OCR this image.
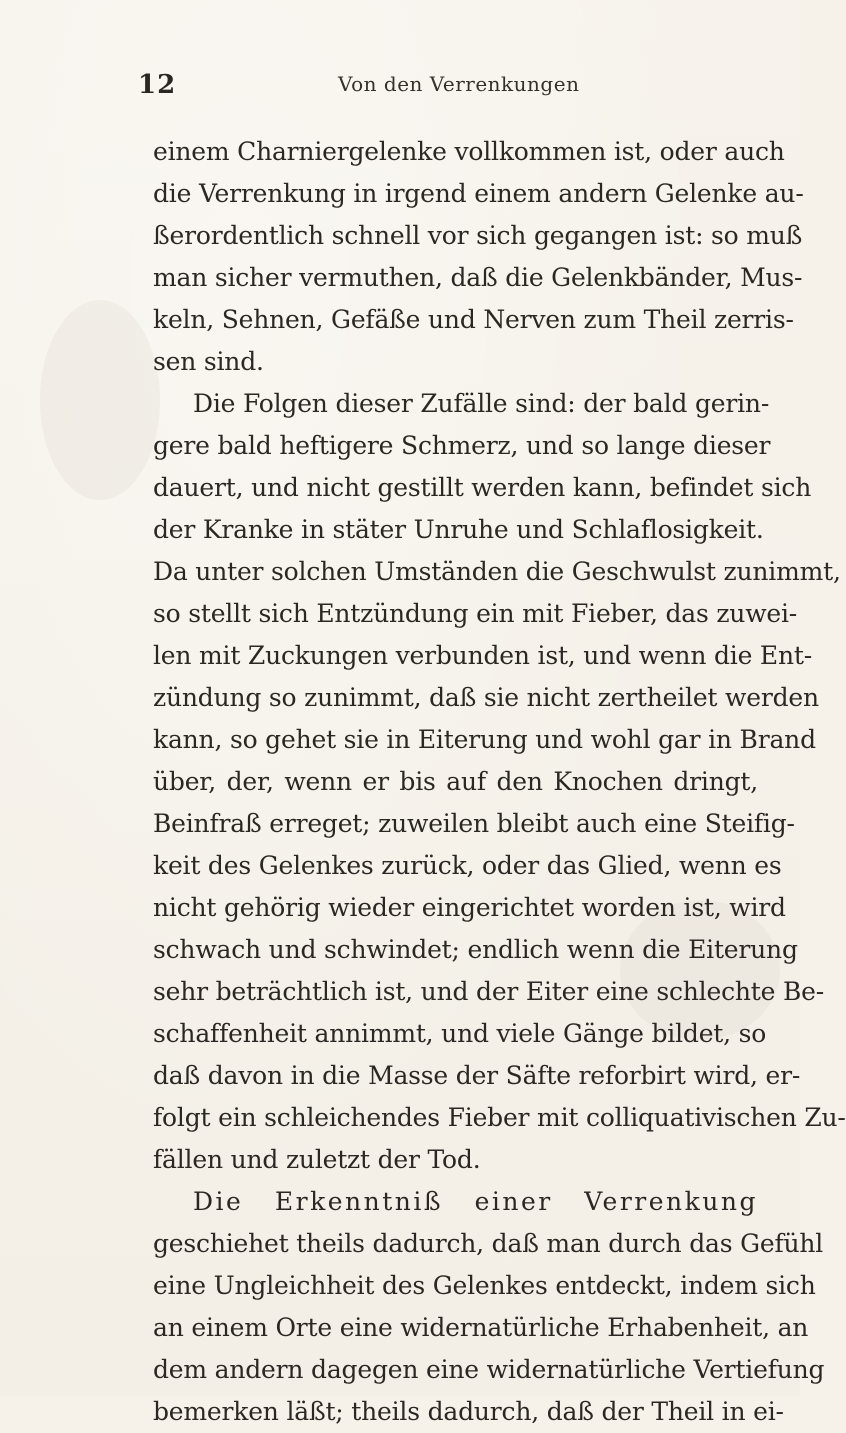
12	Von den Verrenkungen
einem Charniergelenke vollkommen ist, oder auch
die Verrenkung in irgend einem andern Gelenke au-
ßerordentlich schnell vor sich gegangen ist: so muß
man sicher vermuthen, daß die Gelenkbänder, Mus-
keln, Sehnen, Gefäße und Nerven zum Theil zerris-
sen sind.
Die Folgen dieser Zufälle sind: der bald gerin-
gere bald heftigere Schmerz, und so lange dieser
dauert, und nicht gestillt werden kann, befindet sich
der Kranke in stäter Unruhe und Schlaflosigkeit.
Da unter solchen Umständen die Geschwulst zunimmt,
so stellt sich Entzündung ein mit Fieber, das zuwei-
len mit Zuckungen verbunden ist, und wenn die Ent-
zündung so zunimmt, daß sie nicht zertheilet werden
kann, so gehet sie in Eiterung und wohl gar in Brand
über, der, wenn er bis auf den Knochen dringt,
Beinfraß erreget; zuweilen bleibt auch eine Steifig-
keit des Gelenkes zurück, oder das Glied, wenn es
nicht gehörig wieder eingerichtet worden ist, wird
schwach und schwindet; endlich wenn die Eiterung
sehr beträchtlich ist, und der Eiter eine schlechte Be-
schaffenheit annimmt, und viele Gänge bildet, so
daß davon in die Masse der Säfte reforbirt wird, er-
folgt ein schleichendes Fieber mit colliquativischen Zu-
fällen und zuletzt der Tod.
Die Erkenntniß einer Verrenkung
geschiehet theils dadurch, daß man durch das Gefühl
eine Ungleichheit des Gelenkes entdeckt, indem sich
an einem Orte eine widernatürliche Erhabenheit, an
dem andern dagegen eine widernatürliche Vertiefung
bemerken läßt; theils dadurch, daß der Theil in ei-
